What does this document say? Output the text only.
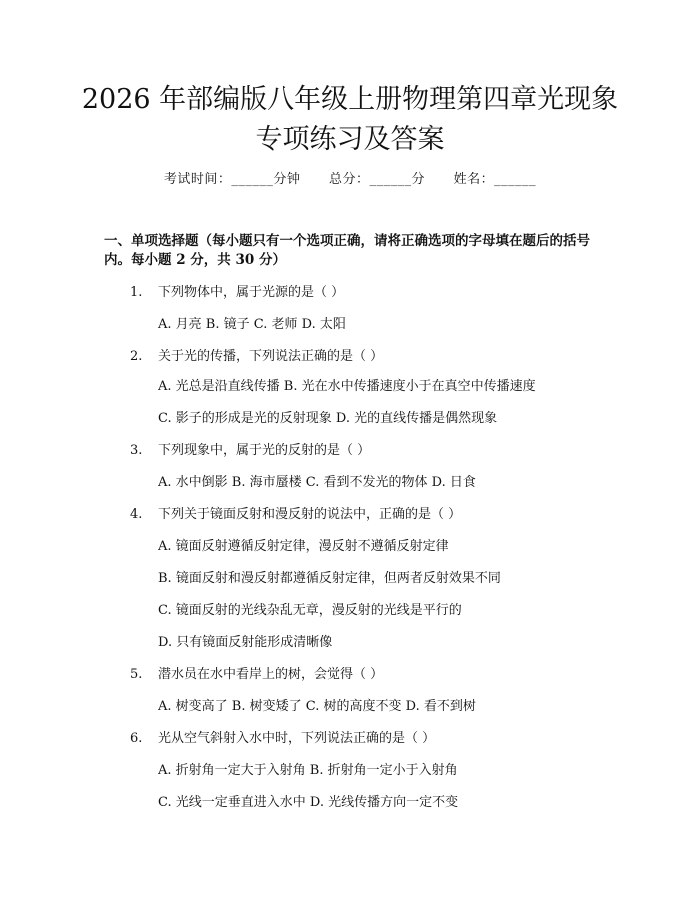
2026 年部编版八年级上册物理第四章光现象
专项练习及答案
考试时间：______分钟 总分：______分 姓名：______
一、单项选择题（每小题只有一个选项正确，请将正确选项的字母填在题后的括号内。每小题 2 分，共 30 分）
1. 下列物体中，属于光源的是（ ）
A. 月亮 B. 镜子 C. 老师 D. 太阳
2. 关于光的传播，下列说法正确的是（ ）
A. 光总是沿直线传播 B. 光在水中传播速度小于在真空中传播速度
C. 影子的形成是光的反射现象 D. 光的直线传播是偶然现象
3. 下列现象中，属于光的反射的是（ ）
A. 水中倒影 B. 海市蜃楼 C. 看到不发光的物体 D. 日食
4. 下列关于镜面反射和漫反射的说法中，正确的是（ ）
A. 镜面反射遵循反射定律，漫反射不遵循反射定律
B. 镜面反射和漫反射都遵循反射定律，但两者反射效果不同
C. 镜面反射的光线杂乱无章，漫反射的光线是平行的
D. 只有镜面反射能形成清晰像
5. 潜水员在水中看岸上的树，会觉得（ ）
A. 树变高了 B. 树变矮了 C. 树的高度不变 D. 看不到树
6. 光从空气斜射入水中时，下列说法正确的是（ ）
A. 折射角一定大于入射角 B. 折射角一定小于入射角
C. 光线一定垂直进入水中 D. 光线传播方向一定不变
